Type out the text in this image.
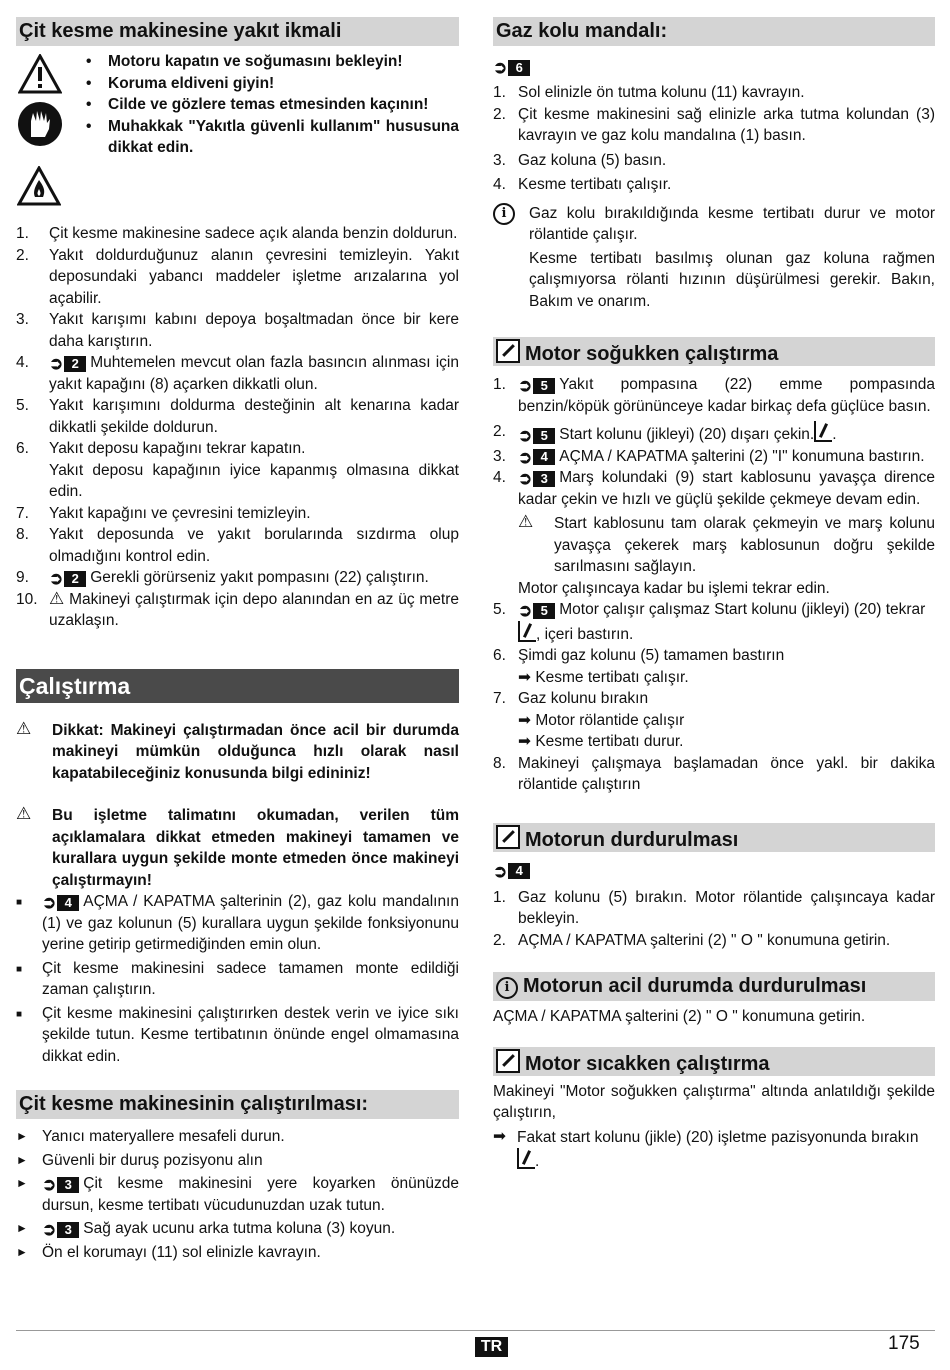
Çit kesme makinesine yakıt ikmali
•	Motoru kapatın ve soğumasını bekleyin!
•	Koruma eldiveni giyin!
•	Cilde ve gözlere temas etmesinden kaçının!
•	Muhakkak "Yakıtla güvenli kullanım" hususuna dikkat edin.
1.	Çit kesme makinesine sadece açık alanda benzin doldurun.
2.	Yakıt doldurduğunuz alanın çevresini temizleyin. Yakıt deposundaki yabancı maddeler işletme arızalarına yol açabilir.
3.	Yakıt karışımı kabını depoya boşaltmadan önce bir kere daha karıştırın.
4.	➲ 2 Muhtemelen mevcut olan fazla basıncın alınması için yakıt kapağını (8) açarken dikkatli olun.
5.	Yakıt karışımını doldurma desteğinin alt kenarına kadar dikkatli şekilde doldurun.
6.	Yakıt deposu kapağını tekrar kapatın.
Yakıt deposu kapağının iyice kapanmış olmasına dikkat edin.
7.	Yakıt kapağını ve çevresini temizleyin.
8.	Yakıt deposunda ve yakıt borularında sızdırma olup olmadığını kontrol edin.
9.	➲ 2 Gerekli görürseniz yakıt pompasını (22) çalıştırın.
10. ⚠ Makineyi çalıştırmak için depo alanından en az üç metre uzaklaşın.
Çalıştırma
⚠	Dikkat: Makineyi çalıştırmadan önce acil bir durumda makineyi mümkün olduğunca hızlı olarak nasıl kapatabileceğiniz konusunda bilgi edininiz!
⚠	Bu işletme talimatını okumadan, verilen tüm açıklamalara dikkat etmeden makineyi tamamen ve kurallara uygun şekilde monte etmeden önce makineyi çalıştırmayın!
■	➲ 4 AÇMA / KAPATMA şalterinin (2), gaz kolu mandalının (1) ve gaz kolunun (5) kurallara uygun şekilde fonksiyonunu yerine getirip getirmediğinden emin olun.
■	Çit kesme makinesini sadece tamamen monte edildiği zaman çalıştırın.
■	Çit kesme makinesini çalıştırırken destek verin ve iyice sıkı şekilde tutun. Kesme tertibatının önünde engel olmamasına dikkat edin.
Çit kesme makinesinin çalıştırılması:
► Yanıcı materyallere mesafeli durun.
► Güvenli bir duruş pozisyonu alın
► ➲ 3 Çit kesme makinesini yere koyarken önünüzde dursun, kesme tertibatı vücudunuzdan uzak tutun.
► ➲ 3 Sağ ayak ucunu arka tutma koluna (3) koyun.
► Ön el korumayı (11) sol elinizle kavrayın.
Gaz kolu mandalı:
➲ 6
1. Sol elinizle ön tutma kolunu (11) kavrayın.
2. Çit kesme makinesini sağ elinizle arka tutma kolundan (3) kavrayın ve gaz kolu mandalına (1) basın.
3. Gaz koluna (5) basın.
4. Kesme tertibatı çalışır.
i	Gaz kolu bırakıldığında kesme tertibatı durur ve motor rölantide çalışır.
Kesme tertibatı basılmış olunan gaz koluna rağmen çalışmıyorsa rölanti hızının düşürülmesi gerekir. Bakın, Bakım ve onarım.
Motor soğukken çalıştırma
1. ➲ 5 Yakıt pompasına (22) emme pompasında benzin/köpük görününceye kadar birkaç defa güçlüce basın.
2. ➲ 5 Start kolunu (jikleyi) (20) dışarı çekin. .
3. ➲ 4 AÇMA / KAPATMA şalterini (2) "I" konumuna bastırın.
4. ➲ 3 Marş kolundaki (9) start kablosunu yavaşça dirence kadar çekin ve hızlı ve güçlü şekilde çekmeye devam edin.
⚠	Start kablosunu tam olarak çekmeyin ve marş kolunu yavaşça çekerek marş kablosunun doğru şekilde sarılmasını sağlayın.
Motor çalışıncaya kadar bu işlemi tekrar edin.
5. ➲ 5 Motor çalışır çalışmaz Start kolunu (jikleyi) (20) tekrar
, içeri bastırın.
6. Şimdi gaz kolunu (5) tamamen bastırın
➡ Kesme tertibatı çalışır.
7. Gaz kolunu bırakın
➡ Motor rölantide çalışır
➡ Kesme tertibatı durur.
8. Makineyi çalışmaya başlamadan önce yakl. bir dakika rölantide çalıştırın
Motorun durdurulması
➲ 4
1. Gaz kolunu (5) bırakın. Motor rölantide çalışıncaya kadar bekleyin.
2. AÇMA / KAPATMA şalterini (2) " O " konumuna getirin.
i Motorun acil durumda durdurulması
AÇMA / KAPATMA şalterini (2) " O " konumuna getirin.
Motor sıcakken çalıştırma
Makineyi "Motor soğukken çalıştırma" altında anlatıldığı şekilde çalıştırın,
➡ Fakat start kolunu (jikle) (20) işletme pazisyonunda bırakın
.
TR	175
